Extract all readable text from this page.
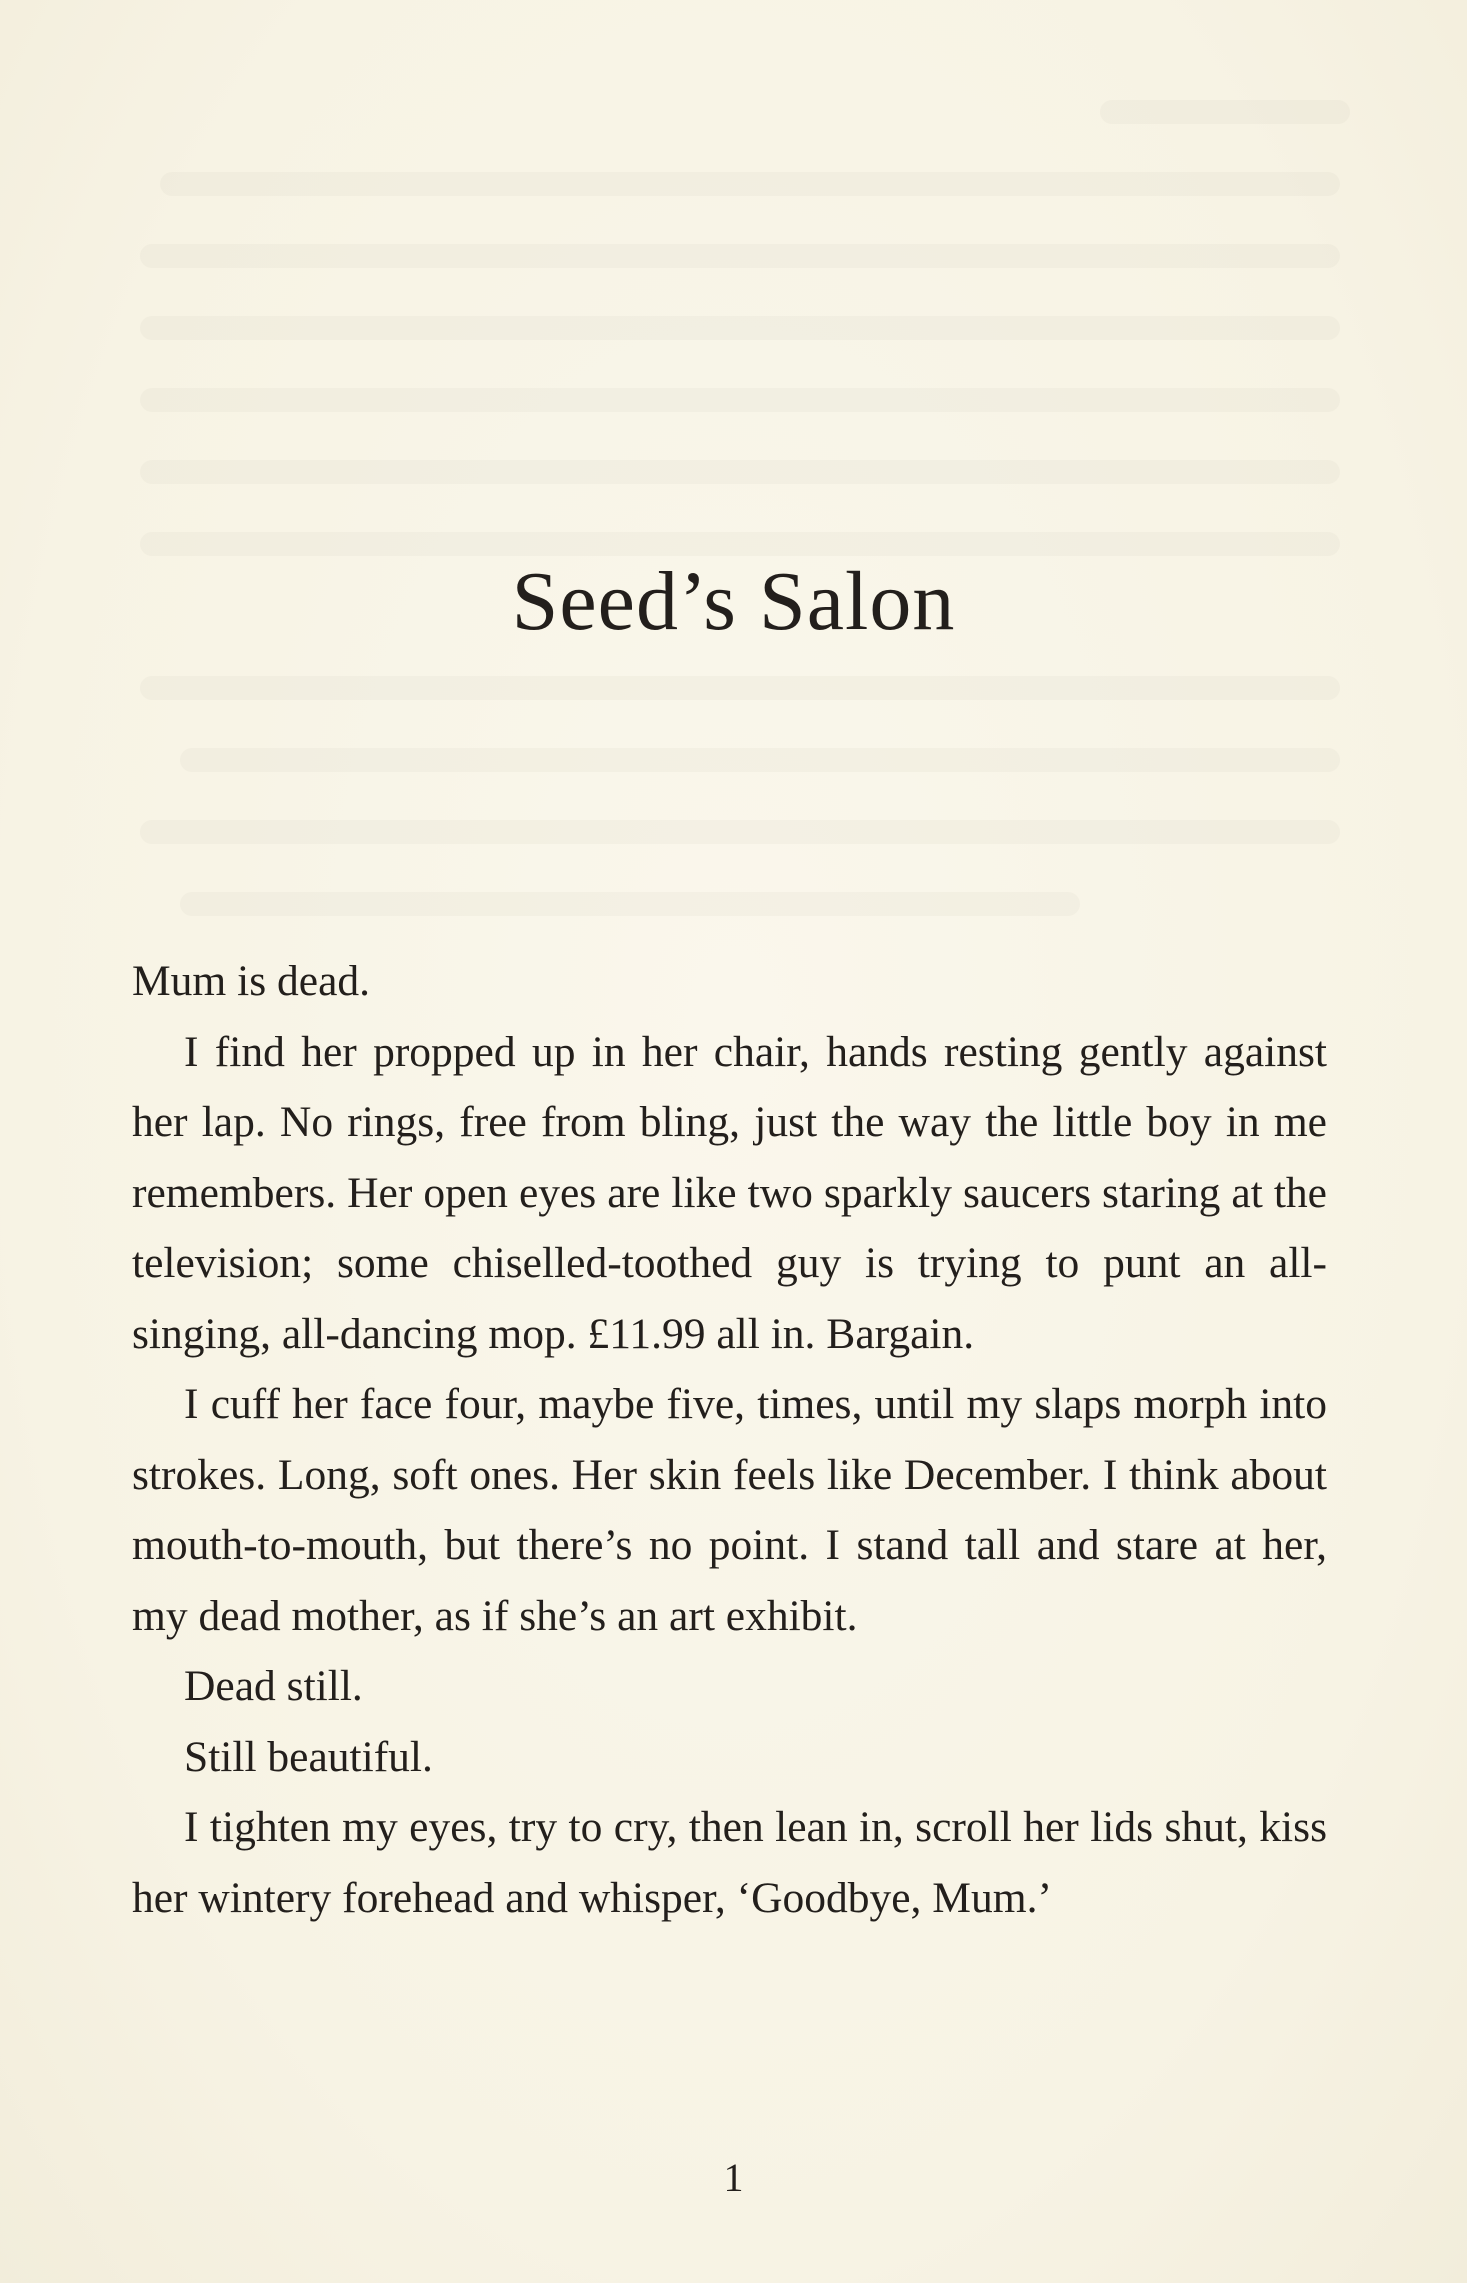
Seed’s Salon

Mum is dead.

I find her propped up in her chair, hands resting gently against her lap. No rings, free from bling, just the way the little boy in me remembers. Her open eyes are like two sparkly saucers staring at the television; some chiselled-toothed guy is trying to punt an all-singing, all-dancing mop. £11.99 all in. Bargain.

I cuff her face four, maybe five, times, until my slaps morph into strokes. Long, soft ones. Her skin feels like December. I think about mouth-to-mouth, but there’s no point. I stand tall and stare at her, my dead mother, as if she’s an art exhibit.

Dead still.

Still beautiful.

I tighten my eyes, try to cry, then lean in, scroll her lids shut, kiss her wintery forehead and whisper, ‘Goodbye, Mum.’

1
